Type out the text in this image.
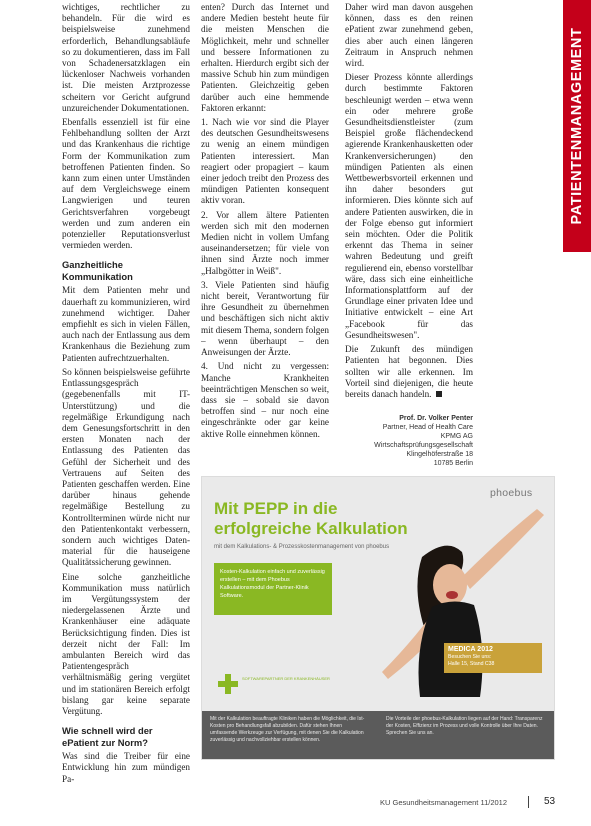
PATIENTENMANAGEMENT

wichtiges, rechtlicher zu behandeln. Für die wird es beispielsweise zunehmend erforderlich, Behandlungsabläufe so zu dokumentieren, dass im Fall von Schadenersatzklagen ein lückenloser Nachweis vorhanden ist. Die meisten Arztprozesse scheitern vor Gericht aufgrund unzureichender Dokumentationen.

Ebenfalls essenziell ist für eine Fehlbehandlung sollten der Arzt und das Krankenhaus die richtige Form der Kommunikation zum betroffenen Patienten finden. So kann zum einen unter Umständen auf dem Vergleichswege einem Langwierigen und teuren Gerichtsverfahren vorgebeugt werden und zum anderen ein potenzieller Reputationsverlust vermieden werden.

Ganzheitliche Kommunikation

Mit dem Patienten mehr und dauerhaft zu kommunizieren, wird zunehmend wichtiger. Daher empfiehlt es sich in vielen Fällen, auch nach der Entlassung aus dem Krankenhaus die Beziehung zum Patienten aufrechtzuerhalten.

So können beispielsweise geführte Entlassungsgespräch (gegebenenfalls mit IT-Unterstützung) und die regelmäßige Erkundigung nach dem Genesungsfortschritt in den ersten Monaten nach der Entlassung des Patienten das Gefühl der Sicherheit und des Vertrauens auf Seiten des Patienten geschaffen werden. Eine darüber hinaus gehende regelmäßige Bestellung zu Kontrollterminen würde nicht nur den Patientenkontakt verbessern, sondern auch wichtiges Daten-material für die hauseigene Qualitätssicherung gewinnen.

Eine solche ganzheitliche Kommunikation muss natürlich im Vergütungssystem der niedergelassenen Ärzte und Krankenhäuser eine adäquate Berücksichtigung finden. Dies ist derzeit nicht der Fall: Im ambulanten Bereich wird das Patientengespräch verhältnismäßig gering vergütet und im stationären Bereich erfolgt bislang gar keine separate Vergütung.

Wie schnell wird der ePatient zur Norm?

Was sind die Treiber für eine Entwicklung hin zum mündigen Pa-

enten? Durch das Internet und andere Medien besteht heute für die meisten Menschen die Möglichkeit, mehr und schneller und bessere Informationen zu erhalten. Hierdurch ergibt sich der massive Schub hin zum mündigen Patienten. Gleichzeitig geben darüber auch eine hemmende Faktoren erkannt:

1. Nach wie vor sind die Player des deutschen Gesundheitswesens zu wenig an einem mündigen Patienten interessiert. Man reagiert oder propagiert – kaum einer jedoch treibt den Prozess des mündigen Patienten konsequent aktiv voran.

2. Vor allem ältere Patienten werden sich mit den modernen Medien nicht in vollem Umfang auseinandersetzen; für viele von ihnen sind Ärzte noch immer „Halbgötter in Weiß".

3. Viele Patienten sind häufig nicht bereit, Verantwortung für ihre Gesundheit zu übernehmen und beschäftigen sich nicht aktiv mit diesem Thema, sondern folgen – wenn überhaupt – den Anweisungen der Ärzte.

4. Und nicht zu vergessen: Manche Krankheiten beeinträchtigen Menschen so weit, dass sie – sobald sie davon betroffen sind – nur noch eine eingeschränkte oder gar keine aktive Rolle einnehmen können.

Daher wird man davon ausgehen können, dass es den reinen ePatient zwar zunehmend geben, dies aber auch einen längeren Zeitraum in Anspruch nehmen wird.

Dieser Prozess könnte allerdings durch bestimmte Faktoren beschleunigt werden – etwa wenn ein oder mehrere große Gesundheitsdienstleister (zum Beispiel große flächendeckend agierende Krankenhausketten oder Krankenversicherungen) den mündigen Patienten als einen Wettbewerbsvorteil erkennen und ihn daher besonders gut informieren. Dies könnte sich auf andere Patienten auswirken, die in der Folge ebenso gut informiert sein möchten. Oder die Politik erkennt das Thema in seiner wahren Bedeutung und greift regulierend ein, ebenso vorstellbar wäre, dass sich eine einheitliche Informationsplattform auf der Grundlage einer privaten Idee und Initiative entwickelt – eine Art „Facebook für das Gesundheitswesen".

Die Zukunft des mündigen Patienten hat begonnen. Dies sollten wir alle erkennen. Im Vorteil sind diejenigen, die heute bereits danach handeln.

Prof. Dr. Volker Penter
Partner, Head of Health Care
KPMG AG Wirtschaftsprüfungsgesellschaft
Klingelhöferstraße 18
10785 Berlin
phoebus
Mit PEPP in die erfolgreiche Kalkulation
mit dem Kalkulations- & Prozesskostenmanagement von phoebus
Kosten-Kalkulation einfach und zuverlässig erstellen – mit dem Phoebus Kalkulationsmodul der Partner-Klinik Software.
MEDICA 2012
Besuchen Sie uns:
Halle 15, Stand C38
SOFTWAREPARTNER DER KRANKENHÄUSER
Mit der Kalkulation beauftragte Kliniken haben die Möglichkeit, die Ist-Kosten pro Behandlungsfall abzubilden. Dafür stehen Ihnen umfassende Werkzeuge zur Verfügung, mit denen Sie die Kalkulation zuverlässig und nachvollziehbar erstellen können.
Die Vorteile der phoebus-Kalkulation liegen auf der Hand: Transparenz der Kosten, Effizienz im Prozess und volle Kontrolle über Ihre Daten. Sprechen Sie uns an.
KU Gesundheitsmanagement 11/2012	53
